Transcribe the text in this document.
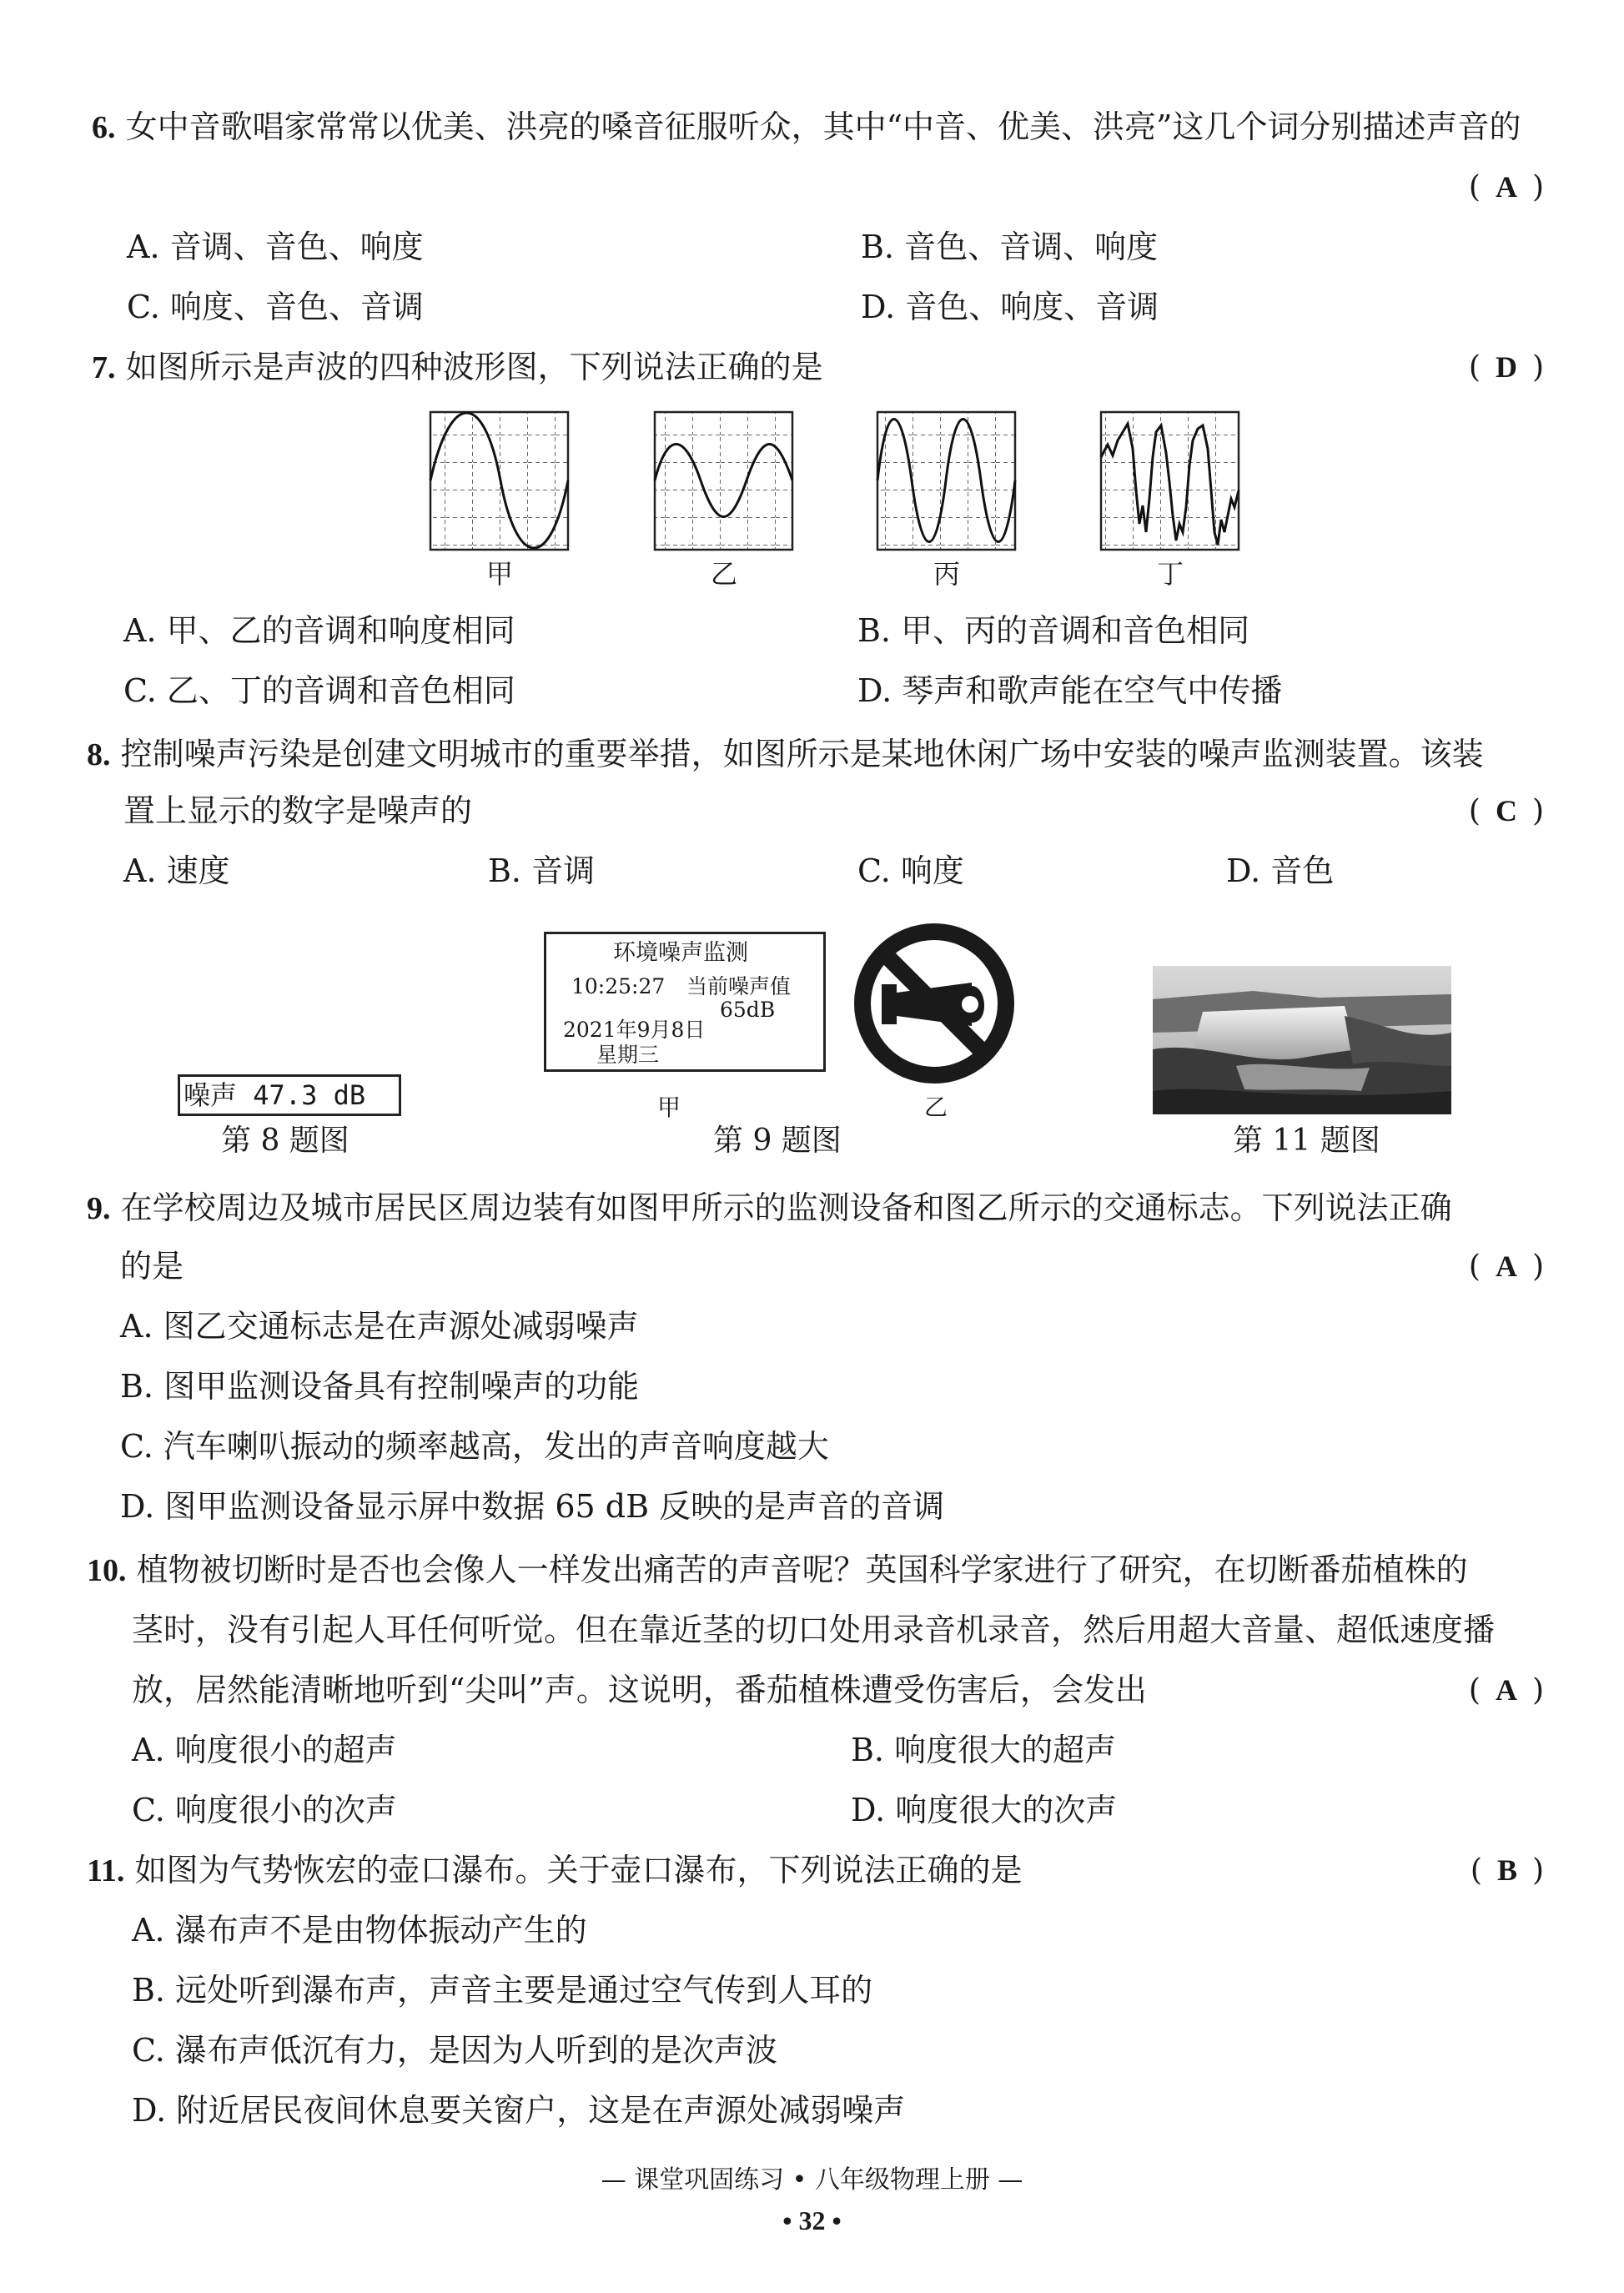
6. 女中音歌唱家常常以优美、洪亮的嗓音征服听众，其中“中音、优美、洪亮”这几个词分别描述声音的
( A )
A. 音调、音色、响度	B. 音色、音调、响度
C. 响度、音色、音调	D. 音色、响度、音调
7. 如图所示是声波的四种波形图，下列说法正确的是	( D )
甲	乙	丙	丁
A. 甲、乙的音调和响度相同	B. 甲、丙的音调和音色相同
C. 乙、丁的音调和音色相同	D. 琴声和歌声能在空气中传播
8. 控制噪声污染是创建文明城市的重要举措，如图所示是某地休闲广场中安装的噪声监测装置。该装
置上显示的数字是噪声的	( C )
A. 速度	B. 音调	C. 响度	D. 音色
噪声 47.3 dB
第 8 题图
环境噪声监测
10:25:27 当前噪声值
65dB
2021年9月8日
星期三
甲	乙
第 9 题图	第 11 题图
9. 在学校周边及城市居民区周边装有如图甲所示的监测设备和图乙所示的交通标志。下列说法正确
的是	( A )
A. 图乙交通标志是在声源处减弱噪声
B. 图甲监测设备具有控制噪声的功能
C. 汽车喇叭振动的频率越高，发出的声音响度越大
D. 图甲监测设备显示屏中数据 65 dB 反映的是声音的音调
10. 植物被切断时是否也会像人一样发出痛苦的声音呢？英国科学家进行了研究，在切断番茄植株的
茎时，没有引起人耳任何听觉。但在靠近茎的切口处用录音机录音，然后用超大音量、超低速度播
放，居然能清晰地听到“尖叫”声。这说明，番茄植株遭受伤害后，会发出	( A )
A. 响度很小的超声	B. 响度很大的超声
C. 响度很小的次声	D. 响度很大的次声
11. 如图为气势恢宏的壶口瀑布。关于壶口瀑布，下列说法正确的是	( B )
A. 瀑布声不是由物体振动产生的
B. 远处听到瀑布声，声音主要是通过空气传到人耳的
C. 瀑布声低沉有力，是因为人听到的是次声波
D. 附近居民夜间休息要关窗户，这是在声源处减弱噪声
— 课堂巩固练习 • 八年级物理上册 —
• 32 •
